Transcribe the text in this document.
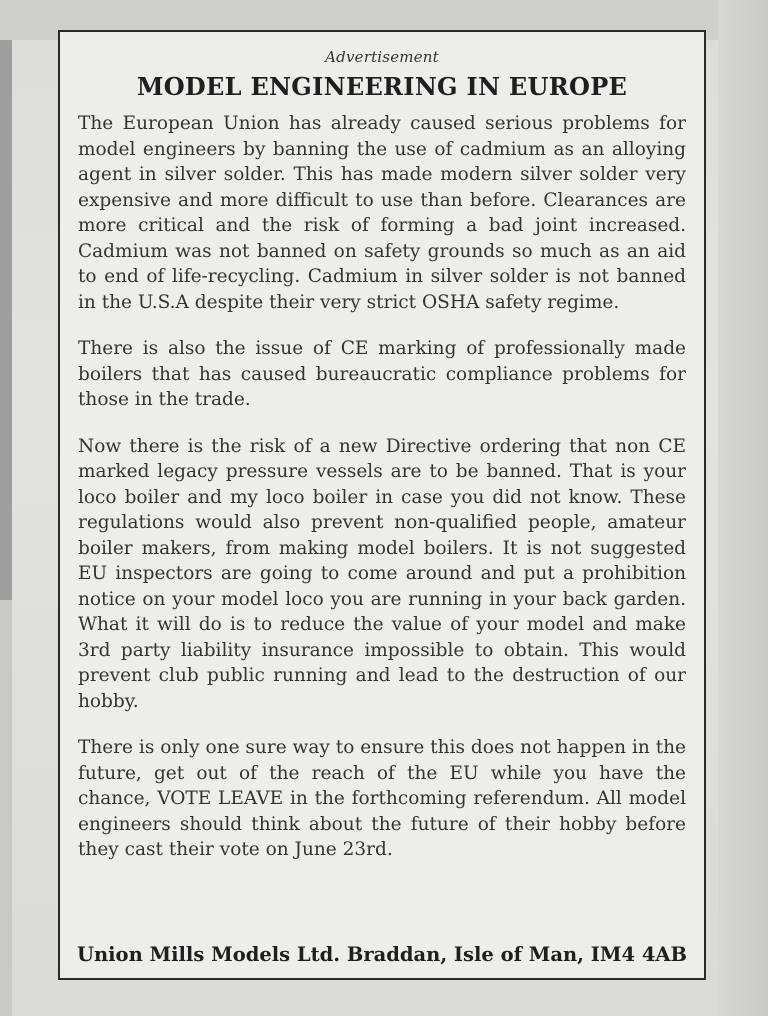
Advertisement
MODEL ENGINEERING IN EUROPE

The European Union has already caused serious problems for model engineers by banning the use of cadmium as an alloying agent in silver solder. This has made modern silver solder very expensive and more difficult to use than before. Clearances are more critical and the risk of forming a bad joint increased. Cadmium was not banned on safety grounds so much as an aid to end of life-recycling. Cadmium in silver solder is not banned in the U.S.A despite their very strict OSHA safety regime.

There is also the issue of CE marking of professionally made boilers that has caused bureaucratic compliance problems for those in the trade.

Now there is the risk of a new Directive ordering that non CE marked legacy pressure vessels are to be banned. That is your loco boiler and my loco boiler in case you did not know. These regulations would also prevent non-qualified people, amateur boiler makers, from making model boilers. It is not suggested EU inspectors are going to come around and put a prohibition notice on your model loco you are running in your back garden. What it will do is to reduce the value of your model and make 3rd party liability insurance impossible to obtain. This would prevent club public running and lead to the destruction of our hobby.

There is only one sure way to ensure this does not happen in the future, get out of the reach of the EU while you have the chance, VOTE LEAVE in the forthcoming referendum. All model engineers should think about the future of their hobby before they cast their vote on June 23rd.

Union Mills Models Ltd. Braddan, Isle of Man, IM4 4AB
